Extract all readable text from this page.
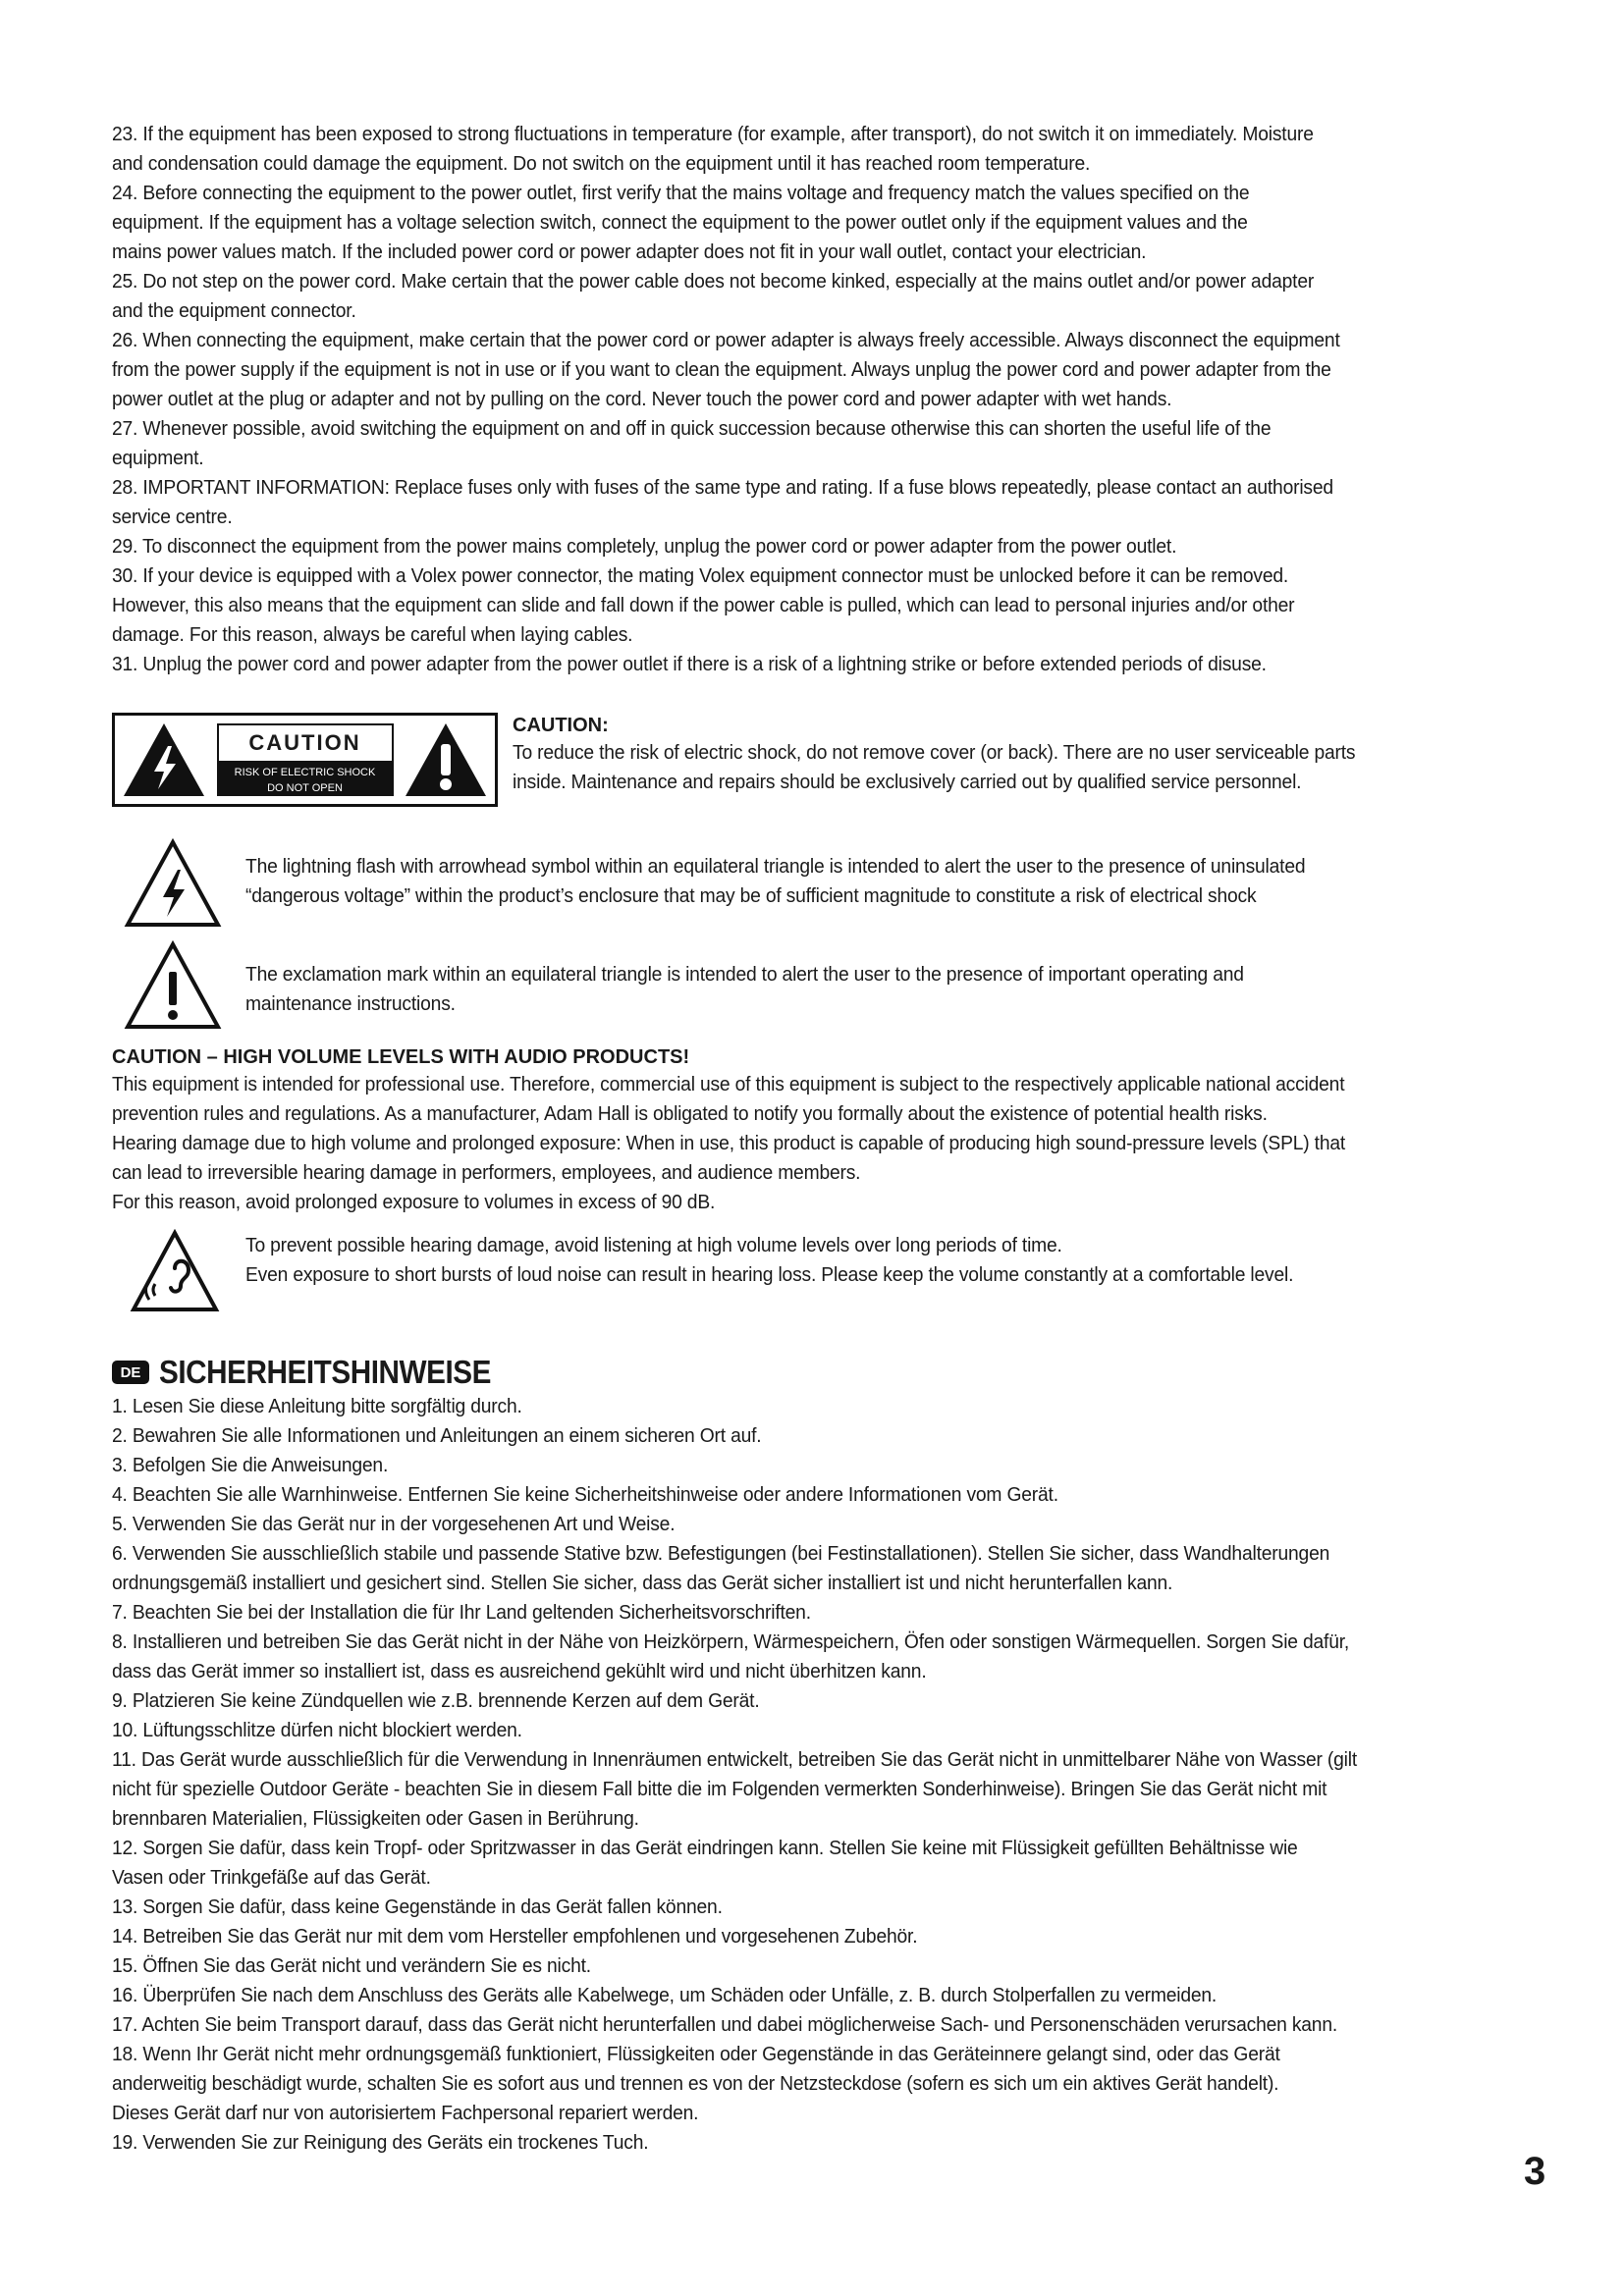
23. If the equipment has been exposed to strong fluctuations in temperature (for example, after transport), do not switch it on immediately. Moisture

and condensation could damage the equipment. Do not switch on the equipment until it has reached room temperature.

24. Before connecting the equipment to the power outlet, first verify that the mains voltage and frequency match the values specified on the

equipment. If the equipment has a voltage selection switch, connect the equipment to the power outlet only if the equipment values and the

mains power values match. If the included power cord or power adapter does not fit in your wall outlet, contact your electrician.

25. Do not step on the power cord. Make certain that the power cable does not become kinked, especially at the mains outlet and/or power adapter

and the equipment connector.

26. When connecting the equipment, make certain that the power cord or power adapter is always freely accessible. Always disconnect the equipment

from the power supply if the equipment is not in use or if you want to clean the equipment. Always unplug the power cord and power adapter from the

power outlet at the plug or adapter and not by pulling on the cord. Never touch the power cord and power adapter with wet hands.

27. Whenever possible, avoid switching the equipment on and off in quick succession because otherwise this can shorten the useful life of the

equipment.

28. IMPORTANT INFORMATION: Replace fuses only with fuses of the same type and rating. If a fuse blows repeatedly, please contact an authorised

service centre.

29. To disconnect the equipment from the power mains completely, unplug the power cord or power adapter from the power outlet.

30. If your device is equipped with a Volex power connector, the mating Volex equipment connector must be unlocked before it can be removed.

However, this also means that the equipment can slide and fall down if the power cable is pulled, which can lead to personal injuries and/or other

damage. For this reason, always be careful when laying cables.

31. Unplug the power cord and power adapter from the power outlet if there is a risk of a lightning strike or before extended periods of disuse.

CAUTION
RISK OF ELECTRIC SHOCK
DO NOT OPEN
CAUTION:

To reduce the risk of electric shock, do not remove cover (or back). There are no user serviceable parts

inside. Maintenance and repairs should be exclusively carried out by qualified service personnel.

The lightning flash with arrowhead symbol within an equilateral triangle is intended to alert the user to the presence of uninsulated

“dangerous voltage” within the product’s enclosure that may be of sufficient magnitude to constitute a risk of electrical shock

The exclamation mark within an equilateral triangle is intended to alert the user to the presence of important operating and

maintenance instructions.

CAUTION – HIGH VOLUME LEVELS WITH AUDIO PRODUCTS!

This equipment is intended for professional use. Therefore, commercial use of this equipment is subject to the respectively applicable national accident

prevention rules and regulations. As a manufacturer, Adam Hall is obligated to notify you formally about the existence of potential health risks.

Hearing damage due to high volume and prolonged exposure: When in use, this product is capable of producing high sound-pressure levels (SPL) that

can lead to irreversible hearing damage in performers, employees, and audience members.

For this reason, avoid prolonged exposure to volumes in excess of 90 dB.

To prevent possible hearing damage, avoid listening at high volume levels over long periods of time.

Even exposure to short bursts of loud noise can result in hearing loss. Please keep the volume constantly at a comfortable level.

DE SICHERHEITSHINWEISE

1. Lesen Sie diese Anleitung bitte sorgfältig durch.

2. Bewahren Sie alle Informationen und Anleitungen an einem sicheren Ort auf.

3. Befolgen Sie die Anweisungen.

4. Beachten Sie alle Warnhinweise. Entfernen Sie keine Sicherheitshinweise oder andere Informationen vom Gerät.

5. Verwenden Sie das Gerät nur in der vorgesehenen Art und Weise.

6. Verwenden Sie ausschließlich stabile und passende Stative bzw. Befestigungen (bei Festinstallationen). Stellen Sie sicher, dass Wandhalterungen

ordnungsgemäß installiert und gesichert sind. Stellen Sie sicher, dass das Gerät sicher installiert ist und nicht herunterfallen kann.

7. Beachten Sie bei der Installation die für Ihr Land geltenden Sicherheitsvorschriften.

8. Installieren und betreiben Sie das Gerät nicht in der Nähe von Heizkörpern, Wärmespeichern, Öfen oder sonstigen Wärmequellen. Sorgen Sie dafür,

dass das Gerät immer so installiert ist, dass es ausreichend gekühlt wird und nicht überhitzen kann.

9. Platzieren Sie keine Zündquellen wie z.B. brennende Kerzen auf dem Gerät.

10. Lüftungsschlitze dürfen nicht blockiert werden.

11. Das Gerät wurde ausschließlich für die Verwendung in Innenräumen entwickelt, betreiben Sie das Gerät nicht in unmittelbarer Nähe von Wasser (gilt

nicht für spezielle Outdoor Geräte - beachten Sie in diesem Fall bitte die im Folgenden vermerkten Sonderhinweise). Bringen Sie das Gerät nicht mit

brennbaren Materialien, Flüssigkeiten oder Gasen in Berührung.

12. Sorgen Sie dafür, dass kein Tropf- oder Spritzwasser in das Gerät eindringen kann. Stellen Sie keine mit Flüssigkeit gefüllten Behältnisse wie

Vasen oder Trinkgefäße auf das Gerät.

13. Sorgen Sie dafür, dass keine Gegenstände in das Gerät fallen können.

14. Betreiben Sie das Gerät nur mit dem vom Hersteller empfohlenen und vorgesehenen Zubehör.

15. Öffnen Sie das Gerät nicht und verändern Sie es nicht.

16. Überprüfen Sie nach dem Anschluss des Geräts alle Kabelwege, um Schäden oder Unfälle, z. B. durch Stolperfallen zu vermeiden.

17. Achten Sie beim Transport darauf, dass das Gerät nicht herunterfallen und dabei möglicherweise Sach- und Personenschäden verursachen kann.

18. Wenn Ihr Gerät nicht mehr ordnungsgemäß funktioniert, Flüssigkeiten oder Gegenstände in das Geräteinnere gelangt sind, oder das Gerät

anderweitig beschädigt wurde, schalten Sie es sofort aus und trennen es von der Netzsteckdose (sofern es sich um ein aktives Gerät handelt).

Dieses Gerät darf nur von autorisiertem Fachpersonal repariert werden.

19. Verwenden Sie zur Reinigung des Geräts ein trockenes Tuch.

3
